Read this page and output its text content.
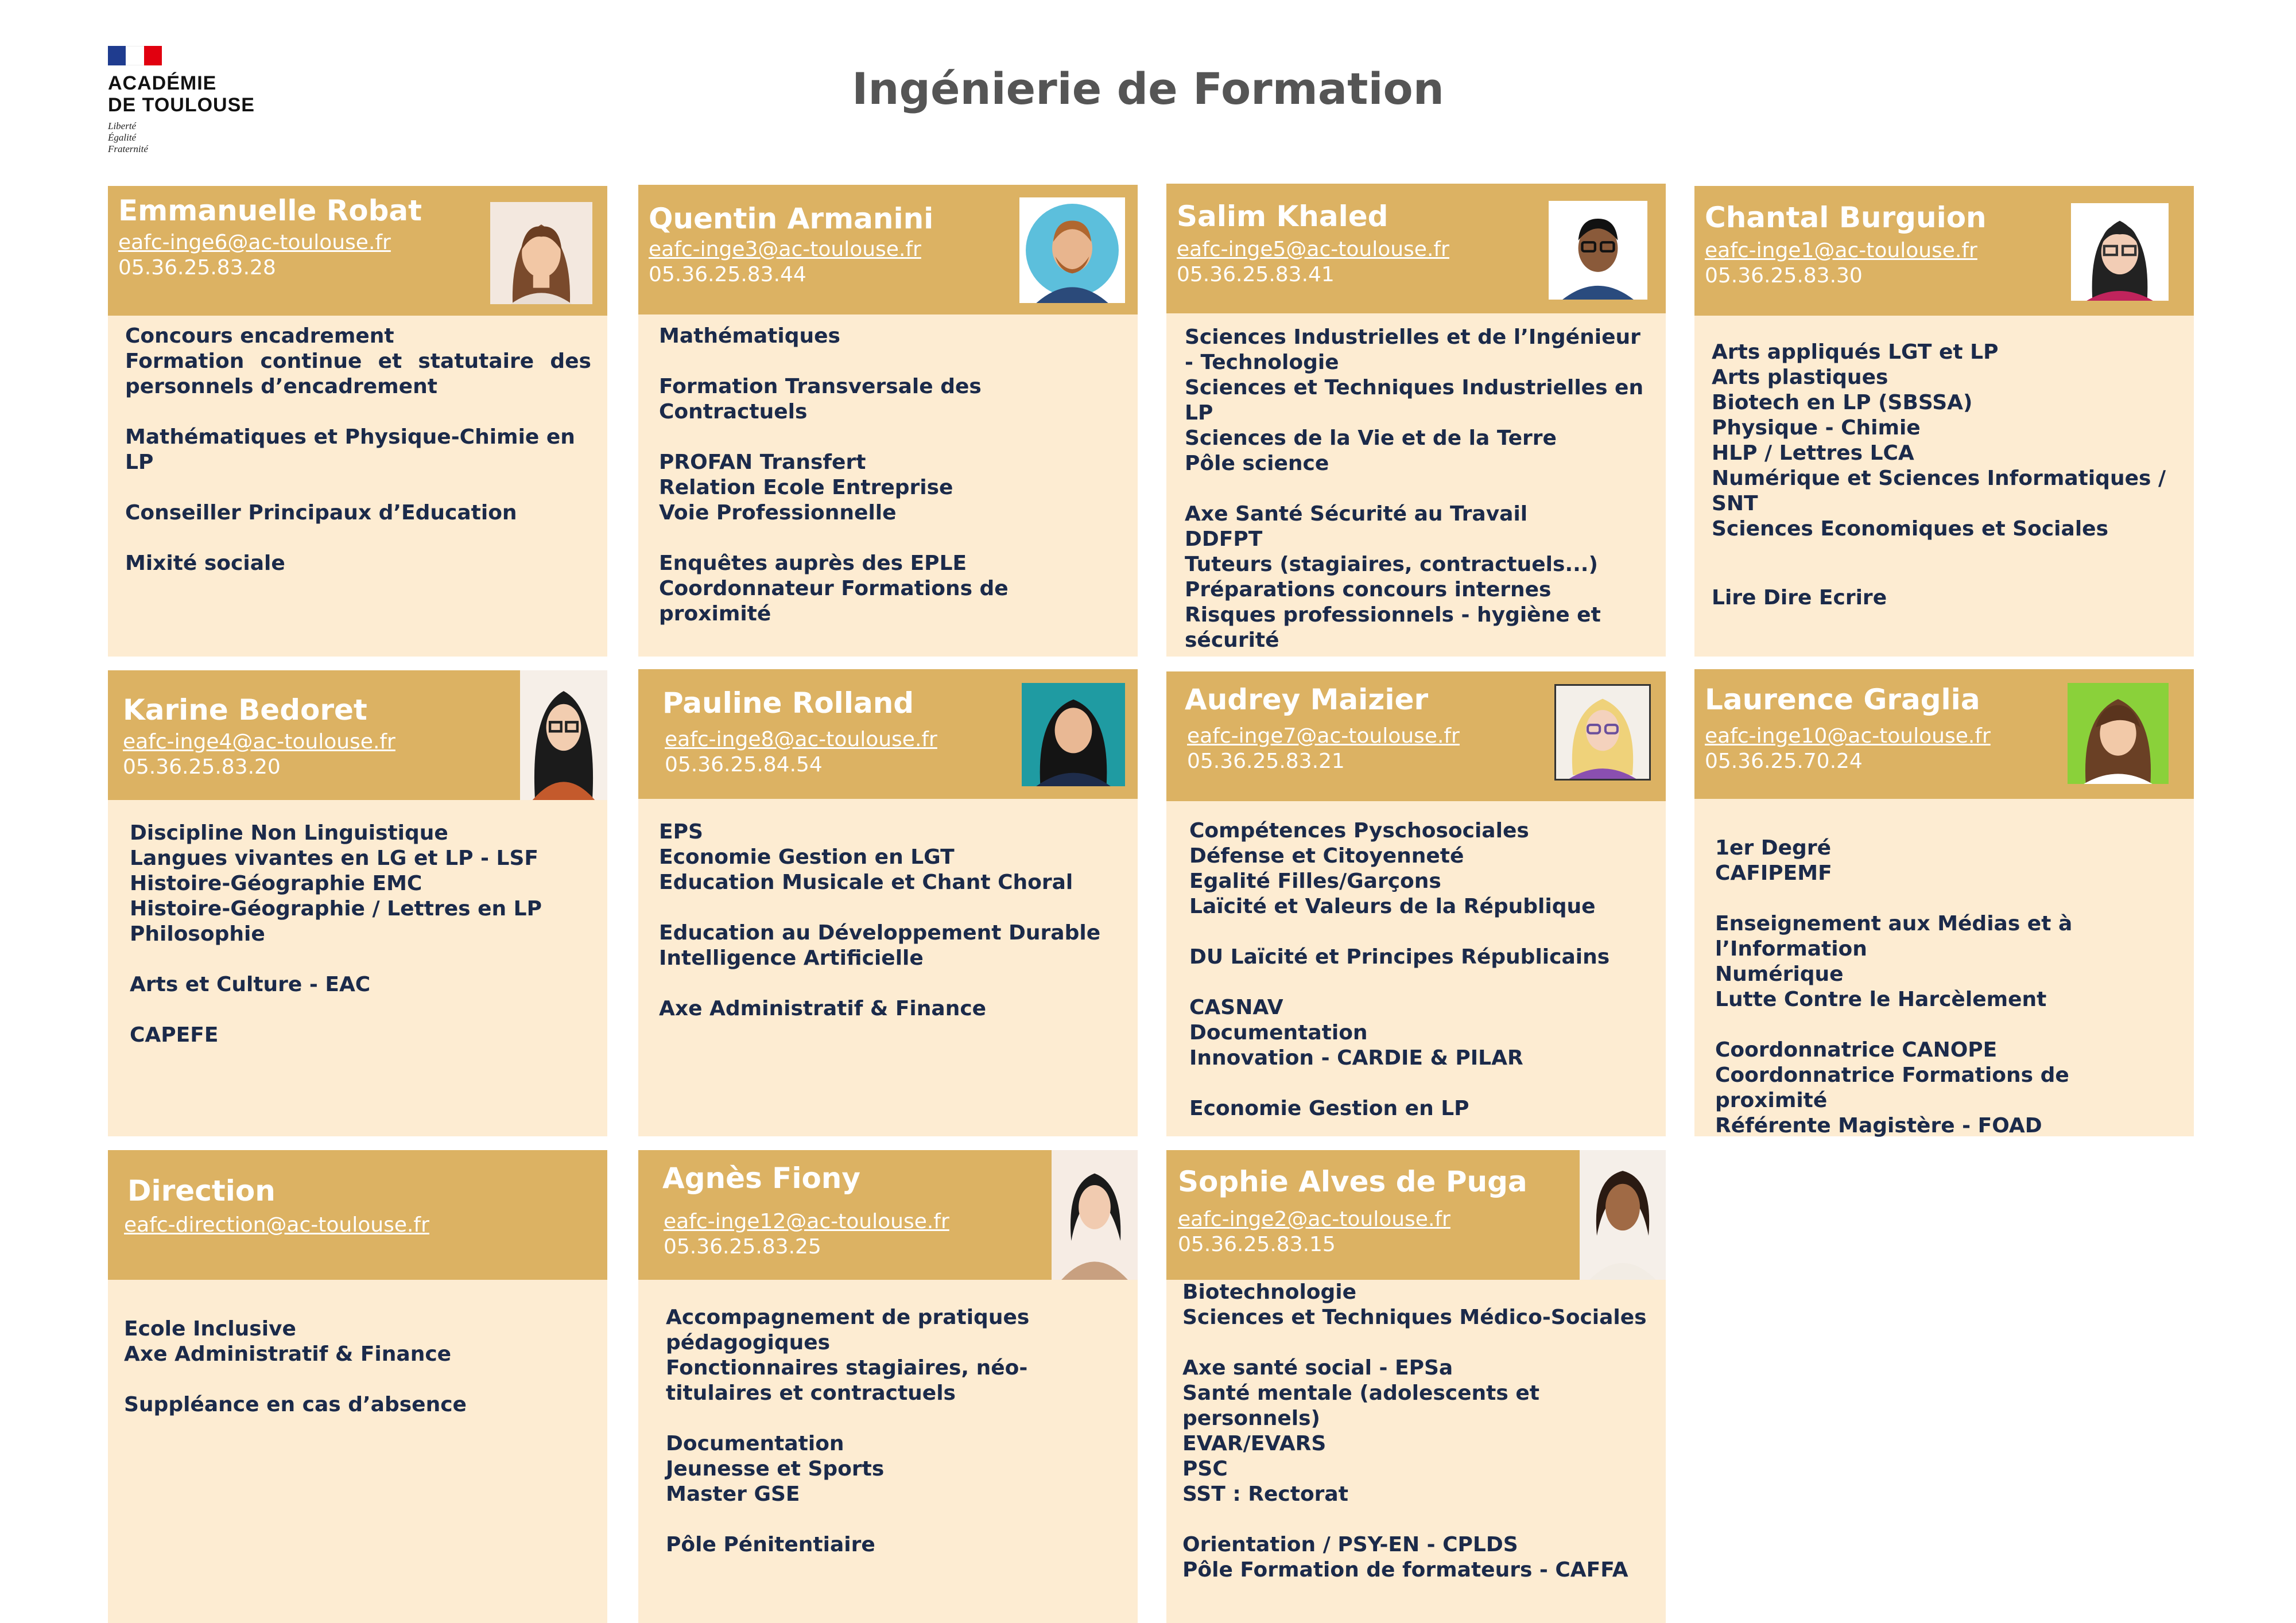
ACADÉMIE
DE TOULOUSE
Liberté
Égalité
Fraternité
Ingénierie de Formation
Emmanuelle Robat
eafc-inge6@ac-toulouse.fr
05.36.25.83.28
Concours encadrement
Formation continue et statutaire des personnels d’encadrement
Mathématiques et Physique-Chimie en LP
Conseiller Principaux d’Education
Mixité sociale
Quentin Armanini
eafc-inge3@ac-toulouse.fr
05.36.25.83.44
Mathématiques
Formation Transversale des Contractuels
PROFAN Transfert
Relation Ecole Entreprise
Voie Professionnelle
Enquêtes auprès des EPLE
Coordonnateur Formations de proximité
Salim Khaled
eafc-inge5@ac-toulouse.fr
05.36.25.83.41
Sciences Industrielles et de l’Ingénieur - Technologie
Sciences et Techniques Industrielles en LP
Sciences de la Vie et de la Terre
Pôle science
Axe Santé Sécurité au Travail
DDFPT
Tuteurs (stagiaires, contractuels...)
Préparations concours internes
Risques professionnels - hygiène et sécurité
Chantal Burguion
eafc-inge1@ac-toulouse.fr
05.36.25.83.30
Arts appliqués LGT et LP
Arts plastiques
Biotech en LP (SBSSA)
Physique - Chimie
HLP / Lettres LCA
Numérique et Sciences Informatiques / SNT
Sciences Economiques et Sociales
Lire Dire Ecrire
Karine Bedoret
eafc-inge4@ac-toulouse.fr
05.36.25.83.20
Discipline Non Linguistique
Langues vivantes en LG et LP - LSF
Histoire-Géographie EMC
Histoire-Géographie / Lettres en LP
Philosophie
Arts et Culture - EAC
CAPEFE
Pauline Rolland
eafc-inge8@ac-toulouse.fr
05.36.25.84.54
EPS
Economie Gestion en LGT
Education Musicale et Chant Choral
Education au Développement Durable
Intelligence Artificielle
Axe Administratif & Finance
Audrey Maizier
eafc-inge7@ac-toulouse.fr
05.36.25.83.21
Compétences Pyschosociales
Défense et Citoyenneté
Egalité Filles/Garçons
Laïcité et Valeurs de la République
DU Laïcité et Principes Républicains
CASNAV
Documentation
Innovation - CARDIE & PILAR
Economie Gestion en LP
Laurence Graglia
eafc-inge10@ac-toulouse.fr
05.36.25.70.24
1er Degré
CAFIPEMF
Enseignement aux Médias et à l’Information
Numérique
Lutte Contre le Harcèlement
Coordonnatrice CANOPE
Coordonnatrice Formations de proximité
Référente Magistère - FOAD
Direction
eafc-direction@ac-toulouse.fr
Ecole Inclusive
Axe Administratif & Finance
Suppléance en cas d’absence
Agnès Fiony
eafc-inge12@ac-toulouse.fr
05.36.25.83.25
Accompagnement de pratiques pédagogiques
Fonctionnaires stagiaires, néo-titulaires et contractuels
Documentation
Jeunesse et Sports
Master GSE
Pôle Pénitentiaire
Sophie Alves de Puga
eafc-inge2@ac-toulouse.fr
05.36.25.83.15
Biotechnologie
Sciences et Techniques Médico-Sociales
Axe santé social - EPSa
Santé mentale (adolescents et personnels)
EVAR/EVARS
PSC
SST : Rectorat
Orientation / PSY-EN - CPLDS
Pôle Formation de formateurs - CAFFA
